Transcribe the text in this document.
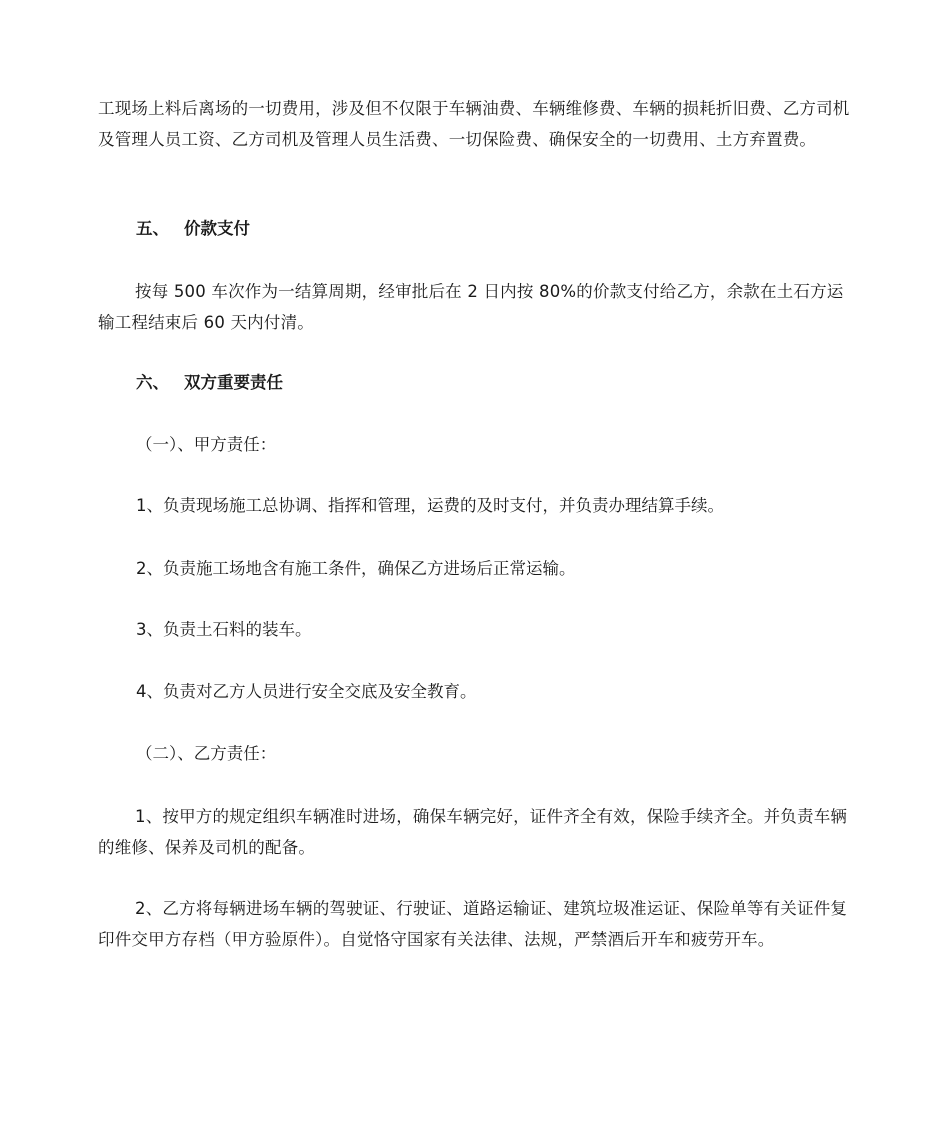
工现场上料后离场的一切费用，涉及但不仅限于车辆油费、车辆维修费、车辆的损耗折旧费、乙方司机及管理人员工资、乙方司机及管理人员生活费、一切保险费、确保安全的一切费用、土方弃置费。

五、 价款支付

按每 500 车次作为一结算周期，经审批后在 2 日内按 80%的价款支付给乙方，余款在土石方运输工程结束后 60 天内付清。

六、 双方重要责任

（一）、甲方责任：

1、负责现场施工总协调、指挥和管理，运费的及时支付，并负责办理结算手续。

2、负责施工场地含有施工条件，确保乙方进场后正常运输。

3、负责土石料的装车。

4、负责对乙方人员进行安全交底及安全教育。

（二）、乙方责任：

1、按甲方的规定组织车辆准时进场，确保车辆完好，证件齐全有效，保险手续齐全。并负责车辆的维修、保养及司机的配备。

2、乙方将每辆进场车辆的驾驶证、行驶证、道路运输证、建筑垃圾准运证、保险单等有关证件复印件交甲方存档（甲方验原件）。自觉恪守国家有关法律、法规，严禁酒后开车和疲劳开车。
